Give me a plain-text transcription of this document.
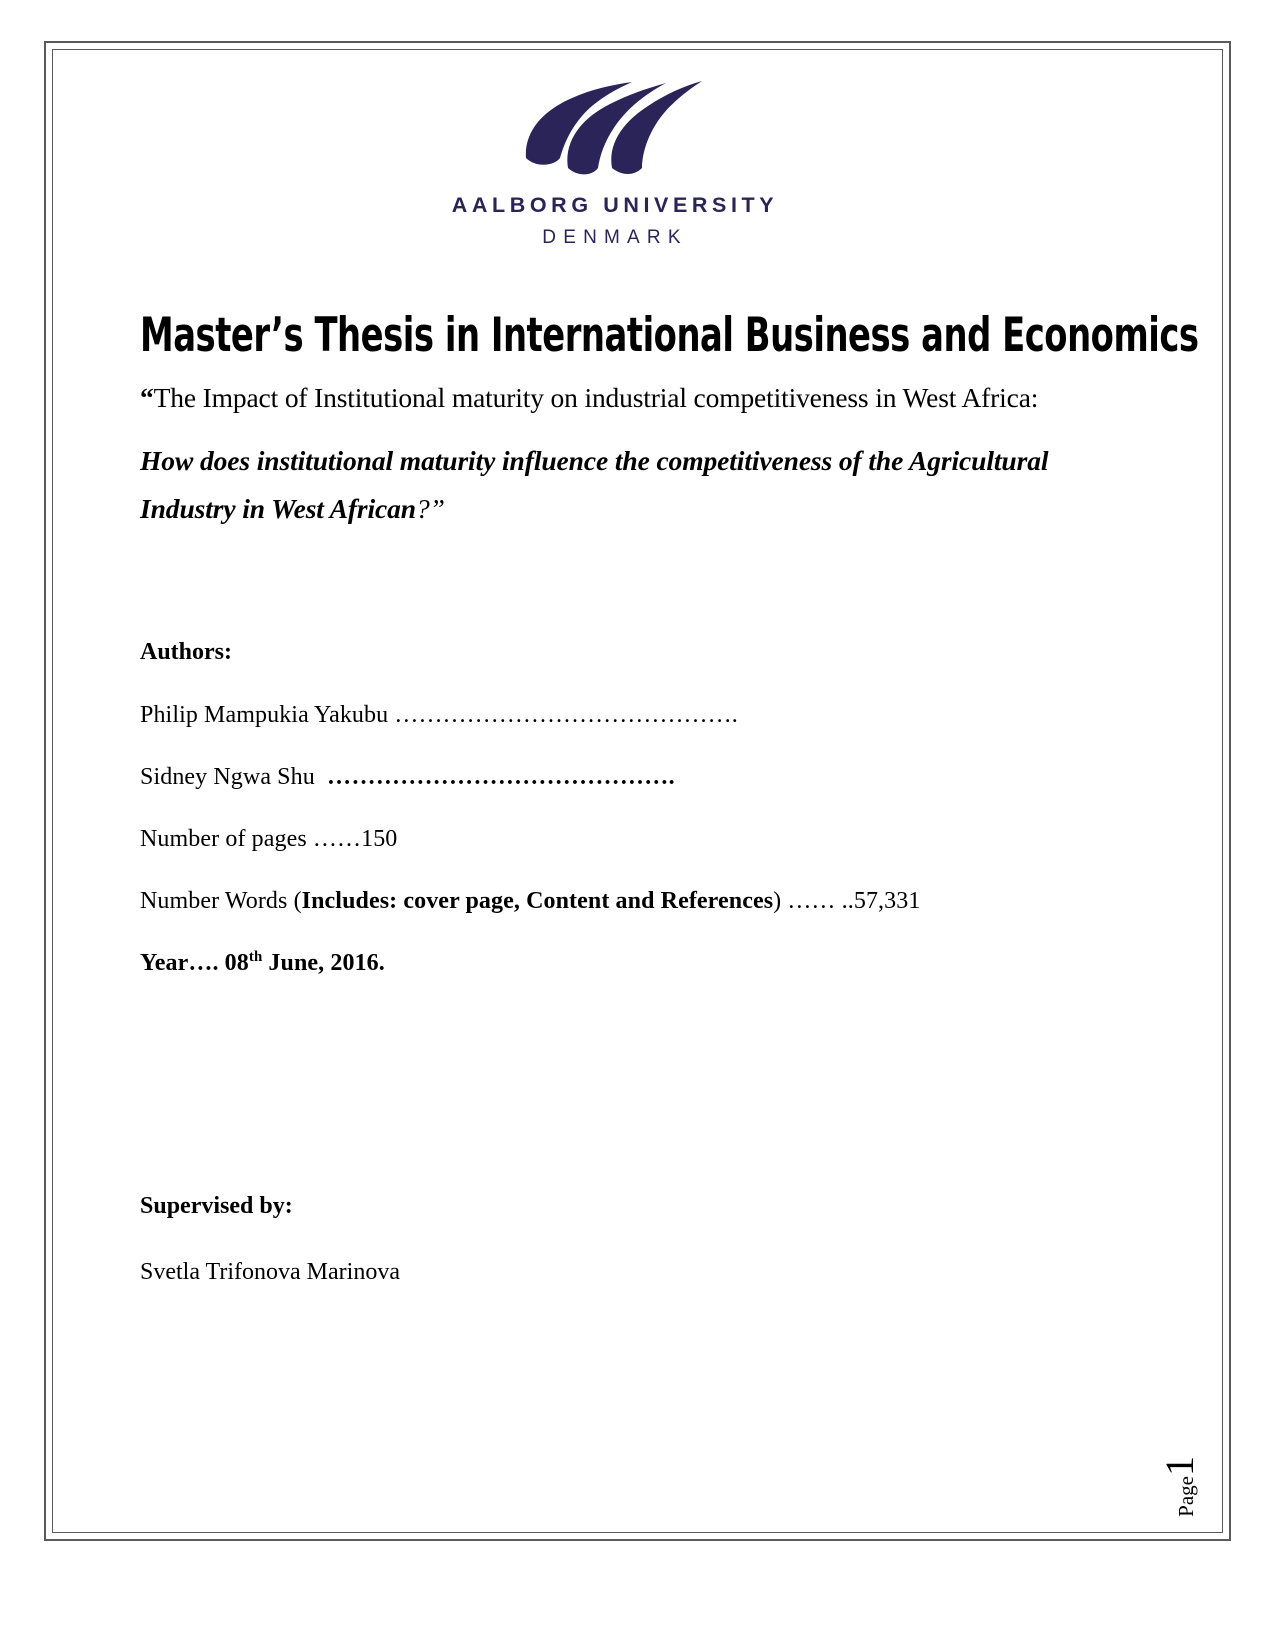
AALBORG UNIVERSITY
DENMARK
Master’s Thesis in International Business and Economics
“The Impact of Institutional maturity on industrial competitiveness in West Africa:
How does institutional maturity influence the competitiveness of the Agricultural Industry in West African?”
Authors:
Philip Mampukia Yakubu …………………………………….
Sidney Ngwa Shu …………………………………….
Number of pages ……150
Number Words (Includes: cover page, Content and References) …… ..57,331
Year…. 08th June, 2016.
Supervised by:
Svetla Trifonova Marinova
Page1
